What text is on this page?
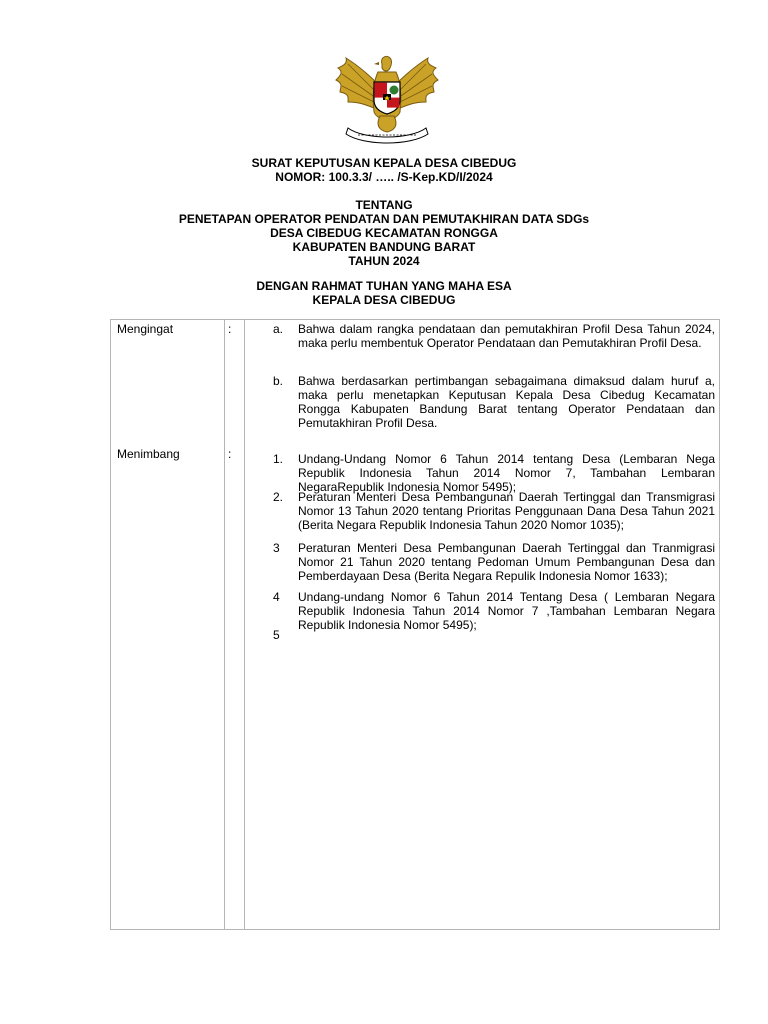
SURAT KEPUTUSAN KEPALA DESA CIBEDUG
NOMOR: 100.3.3/ ….. /S-Kep.KD/I/2024
TENTANG
PENETAPAN OPERATOR PENDATAN DAN PEMUTAKHIRAN DATA SDGs
DESA CIBEDUG KECAMATAN RONGGA
KABUPATEN BANDUNG BARAT
TAHUN 2024
DENGAN RAHMAT TUHAN YANG MAHA ESA
KEPALA DESA CIBEDUG
Mengingat	:	a. Bahwa dalam rangka pendataan dan pemutakhiran Profil Desa Tahun 2024, maka perlu membentuk Operator Pendataan dan Pemutakhiran Profil Desa.
b. Bahwa berdasarkan pertimbangan sebagaimana dimaksud dalam huruf a, maka perlu menetapkan Keputusan Kepala Desa Cibedug Kecamatan Rongga Kabupaten Bandung Barat tentang Operator Pendataan dan Pemutakhiran Profil Desa.
Menimbang	:	1. Undang-Undang Nomor 6 Tahun 2014 tentang Desa (Lembaran Nega Republik Indonesia Tahun 2014 Nomor 7, Tambahan Lembaran NegaraRepublik Indonesia Nomor 5495);
2. Peraturan Menteri Desa Pembangunan Daerah Tertinggal dan Transmigrasi Nomor 13 Tahun 2020 tentang Prioritas Penggunaan Dana Desa Tahun 2021 (Berita Negara Republik Indonesia Tahun 2020 Nomor 1035);
3 Peraturan Menteri Desa Pembangunan Daerah Tertinggal dan Tranmigrasi Nomor 21 Tahun 2020 tentang Pedoman Umum Pembangunan Desa dan Pemberdayaan Desa (Berita Negara Repulik Indonesia Nomor 1633);
4 Undang-undang Nomor 6 Tahun 2014 Tentang Desa ( Lembaran Negara Republik Indonesia Tahun 2014 Nomor 7 ,Tambahan Lembaran Negara Republik Indonesia Nomor 5495);
5
